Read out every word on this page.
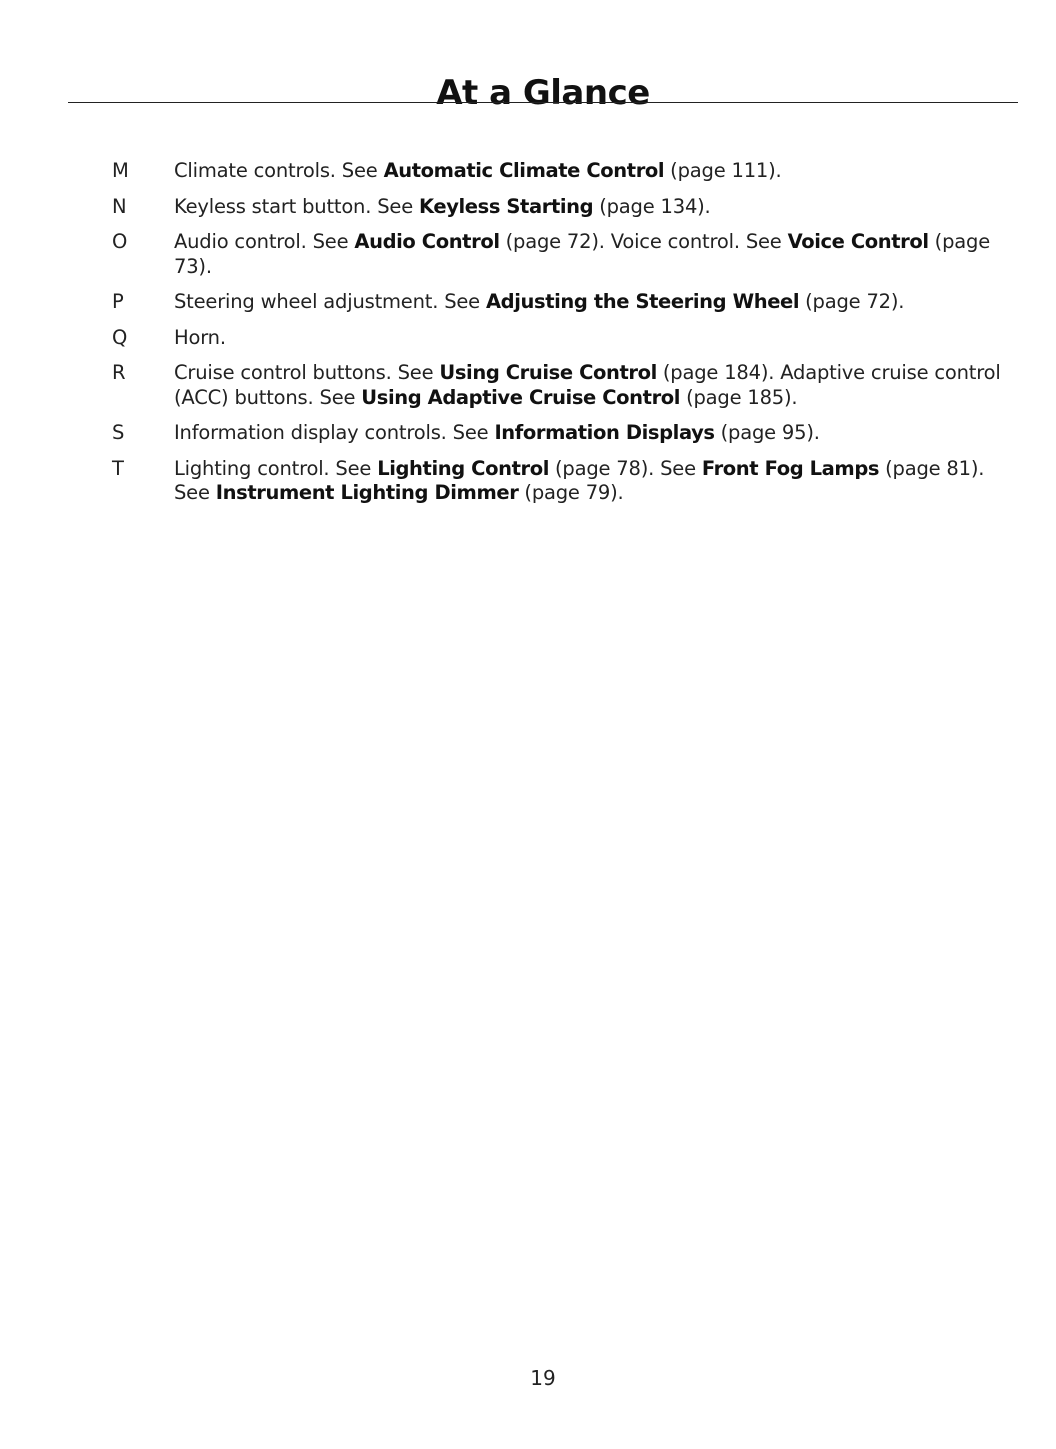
At a Glance
M	Climate controls. See Automatic Climate Control (page 111).
N	Keyless start button. See Keyless Starting (page 134).
O	Audio control. See Audio Control (page 72). Voice control. See Voice Control (page 73).
P	Steering wheel adjustment. See Adjusting the Steering Wheel (page 72).
Q	Horn.
R	Cruise control buttons. See Using Cruise Control (page 184). Adaptive cruise control (ACC) buttons. See Using Adaptive Cruise Control (page 185).
S	Information display controls. See Information Displays (page 95).
T	Lighting control. See Lighting Control (page 78). See Front Fog Lamps (page 81). See Instrument Lighting Dimmer (page 79).
19
